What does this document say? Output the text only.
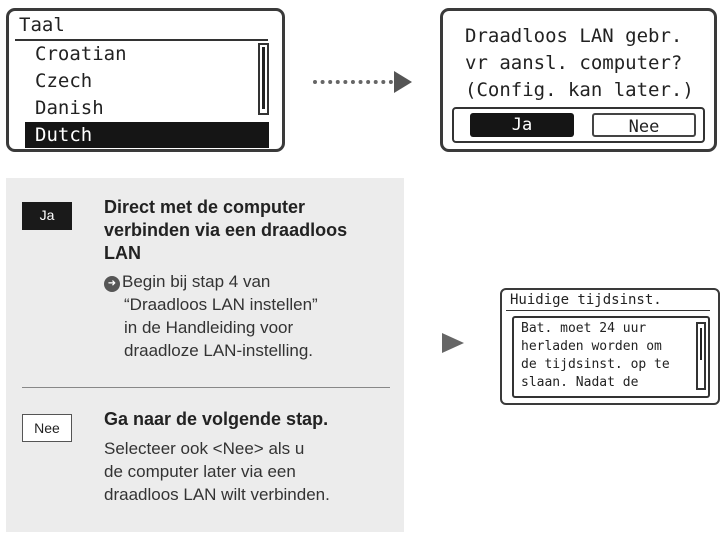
Taal
Croatian
Czech
Danish
Dutch
Draadloos LAN gebr.
vr aansl. computer?
(Config. kan later.)
Ja	Nee
Ja	Direct met de computer
verbinden via een draadloos
LAN
➜ Begin bij stap 4 van
“Draadloos LAN instellen”
in de Handleiding voor
draadloze LAN-instelling.
Nee	Ga naar de volgende stap.
Selecteer ook <Nee> als u
de computer later via een
draadloos LAN wilt verbinden.
Huidige tijdsinst.
Bat. moet 24 uur
herladen worden om
de tijdsinst. op te
slaan. Nadat de
